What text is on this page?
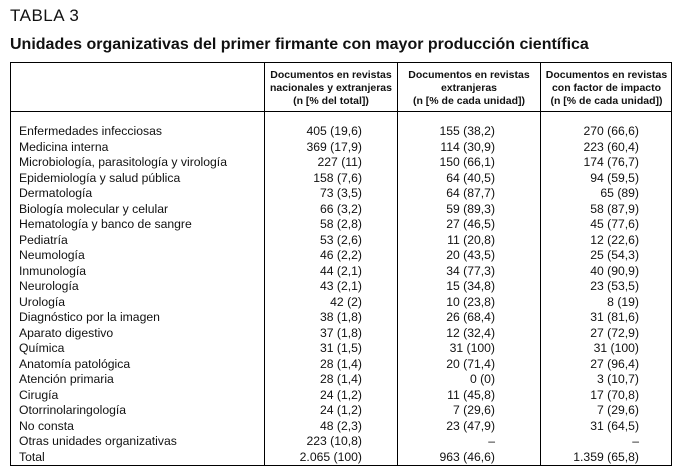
TABLA 3
Unidades organizativas del primer firmante con mayor producción científica
Documentos en revistas
nacionales y extranjeras
(n [% del total])
Documentos en revistas
extranjeras
(n [% de cada unidad])
Documentos en revistas
con factor de impacto
(n [% de cada unidad])
Enfermedades infecciosas	405 (19,6)	155 (38,2)	270 (66,6)
Medicina interna	369 (17,9)	114 (30,9)	223 (60,4)
Microbiología, parasitología y virología	227 (11)	150 (66,1)	174 (76,7)
Epidemiología y salud pública	158 (7,6)	64 (40,5)	94 (59,5)
Dermatología	73 (3,5)	64 (87,7)	65 (89)
Biología molecular y celular	66 (3,2)	59 (89,3)	58 (87,9)
Hematología y banco de sangre	58 (2,8)	27 (46,5)	45 (77,6)
Pediatría	53 (2,6)	11 (20,8)	12 (22,6)
Neumología	46 (2,2)	20 (43,5)	25 (54,3)
Inmunología	44 (2,1)	34 (77,3)	40 (90,9)
Neurología	43 (2,1)	15 (34,8)	23 (53,5)
Urología	42 (2)	10 (23,8)	8 (19)
Diagnóstico por la imagen	38 (1,8)	26 (68,4)	31 (81,6)
Aparato digestivo	37 (1,8)	12 (32,4)	27 (72,9)
Química	31 (1,5)	31 (100)	31 (100)
Anatomía patológica	28 (1,4)	20 (71,4)	27 (96,4)
Atención primaria	28 (1,4)	0 (0)	3 (10,7)
Cirugía	24 (1,2)	11 (45,8)	17 (70,8)
Otorrinolaringología	24 (1,2)	7 (29,6)	7 (29,6)
No consta	48 (2,3)	23 (47,9)	31 (64,5)
Otras unidades organizativas	223 (10,8)	–	–
Total	2.065 (100)	963 (46,6)	1.359 (65,8)
